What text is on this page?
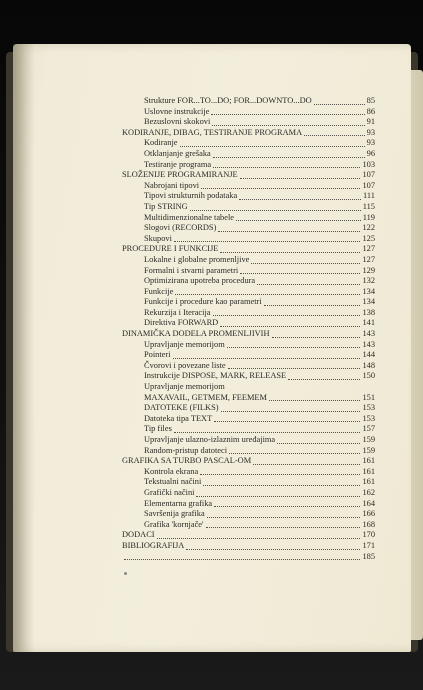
Strukture FOR...TO...DO; FOR...DOWNTO...DO	85
Uslovne instrukcije	86
Bezuslovni skokovi	91
KODIRANJE, DIBAG, TESTIRANJE PROGRAMA	93
Kodiranje	93
Otklanjanje grešaka	96
Testiranje programa	103
SLOŽENIJE PROGRAMIRANJE	107
Nabrojani tipovi	107
Tipovi strukturnih podataka	111
Tip STRING	115
Multidimenzionalne tabele	119
Slogovi (RECORDS)	122
Skupovi	125
PROCEDURE I FUNKCIJE	127
Lokalne i globalne promenljive	127
Formalni i stvarni parametri	129
Optimiziranа upotreba procedura	132
Funkcije	134
Funkcije i procedure kao parametri	134
Rekurzija i Iteracija	138
Direktiva FORWARD	141
DINAMIČKA DODELA PROMENLJIVIH	143
Upravljanje memorijom	143
Pointeri	144
Čvorovi i povezane liste	148
Instrukcije DISPOSE, MARK, RELEASE	150
Upravljanje memorijom
MAXAVAIL, GETMEM, FEEMEM	151
DATOTEKE (FILKS)	153
Datoteka tipa TEXT	153
Tip files	157
Upravljanje ulazno-izlaznim uređajima	159
Random-pristup datoteci	159
GRAFIKA SA TURBO PASCAL-OM	161
Kontrola ekrana	161
Tekstualni načini	161
Grafički načini	162
Elementarna grafika	164
Savršenija grafika	166
Grafika 'kornjače'	168
DODACI	170
BIBLIOGRAFIJA	171
185
